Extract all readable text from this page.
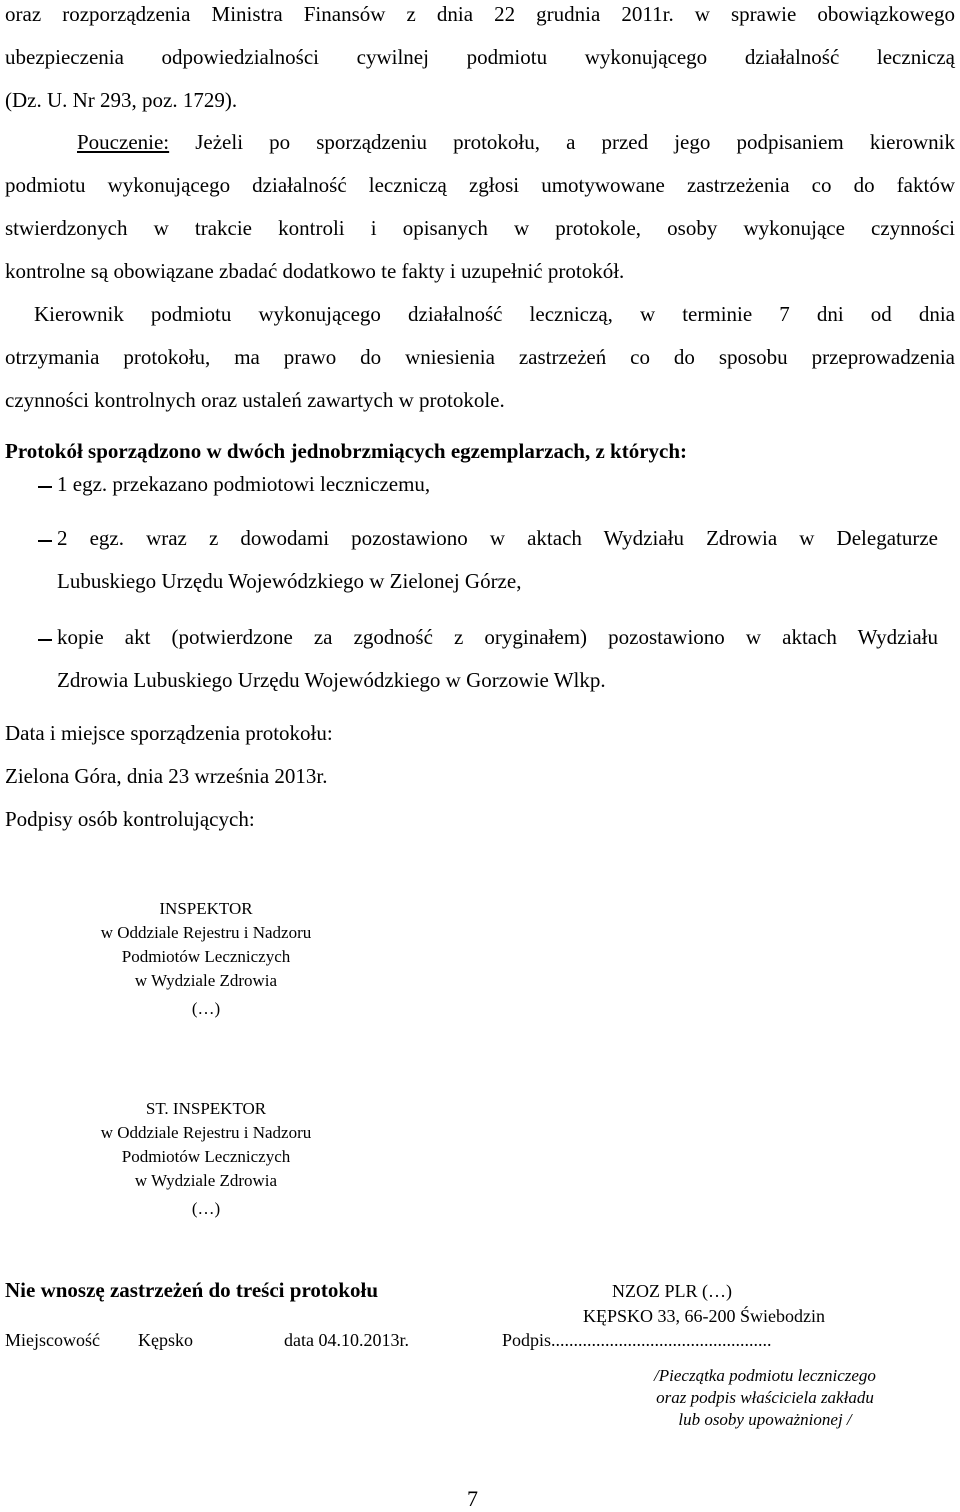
oraz rozporządzenia Ministra Finansów z dnia 22 grudnia 2011r. w sprawie obowiązkowego
ubezpieczenia odpowiedzialności cywilnej podmiotu wykonującego działalność leczniczą
(Dz. U. Nr 293, poz. 1729).
Pouczenie: Jeżeli po sporządzeniu protokołu, a przed jego podpisaniem kierownik
podmiotu wykonującego działalność leczniczą zgłosi umotywowane zastrzeżenia co do faktów
stwierdzonych w trakcie kontroli i opisanych w protokole, osoby wykonujące czynności
kontrolne są obowiązane zbadać dodatkowo te fakty i uzupełnić protokół.
Kierownik podmiotu wykonującego działalność leczniczą, w terminie 7 dni od dnia
otrzymania protokołu, ma prawo do wniesienia zastrzeżeń co do sposobu przeprowadzenia
czynności kontrolnych oraz ustaleń zawartych w protokole.
Protokół sporządzono w dwóch jednobrzmiących egzemplarzach, z których:
1 egz. przekazano podmiotowi leczniczemu,
2 egz. wraz z dowodami pozostawiono w aktach Wydziału Zdrowia w Delegaturze
Lubuskiego Urzędu Wojewódzkiego w Zielonej Górze,
kopie akt (potwierdzone za zgodność z oryginałem) pozostawiono w aktach Wydziału
Zdrowia Lubuskiego Urzędu Wojewódzkiego w Gorzowie Wlkp.
Data i miejsce sporządzenia protokołu:
Zielona Góra, dnia 23 września 2013r.
Podpisy osób kontrolujących:
INSPEKTOR
w Oddziale Rejestru i Nadzoru
Podmiotów Leczniczych
w Wydziale Zdrowia
(…)
ST. INSPEKTOR
w Oddziale Rejestru i Nadzoru
Podmiotów Leczniczych
w Wydziale Zdrowia
(…)
Nie wnoszę zastrzeżeń do treści protokołu	NZOZ PLR (…)
KĘPSKO 33, 66-200 Świebodzin
Miejscowość Kępsko	data 04.10.2013r.	Podpis.................................................
/Pieczątka podmiotu leczniczego
oraz podpis właściciela zakładu
lub osoby upoważnionej /
7
